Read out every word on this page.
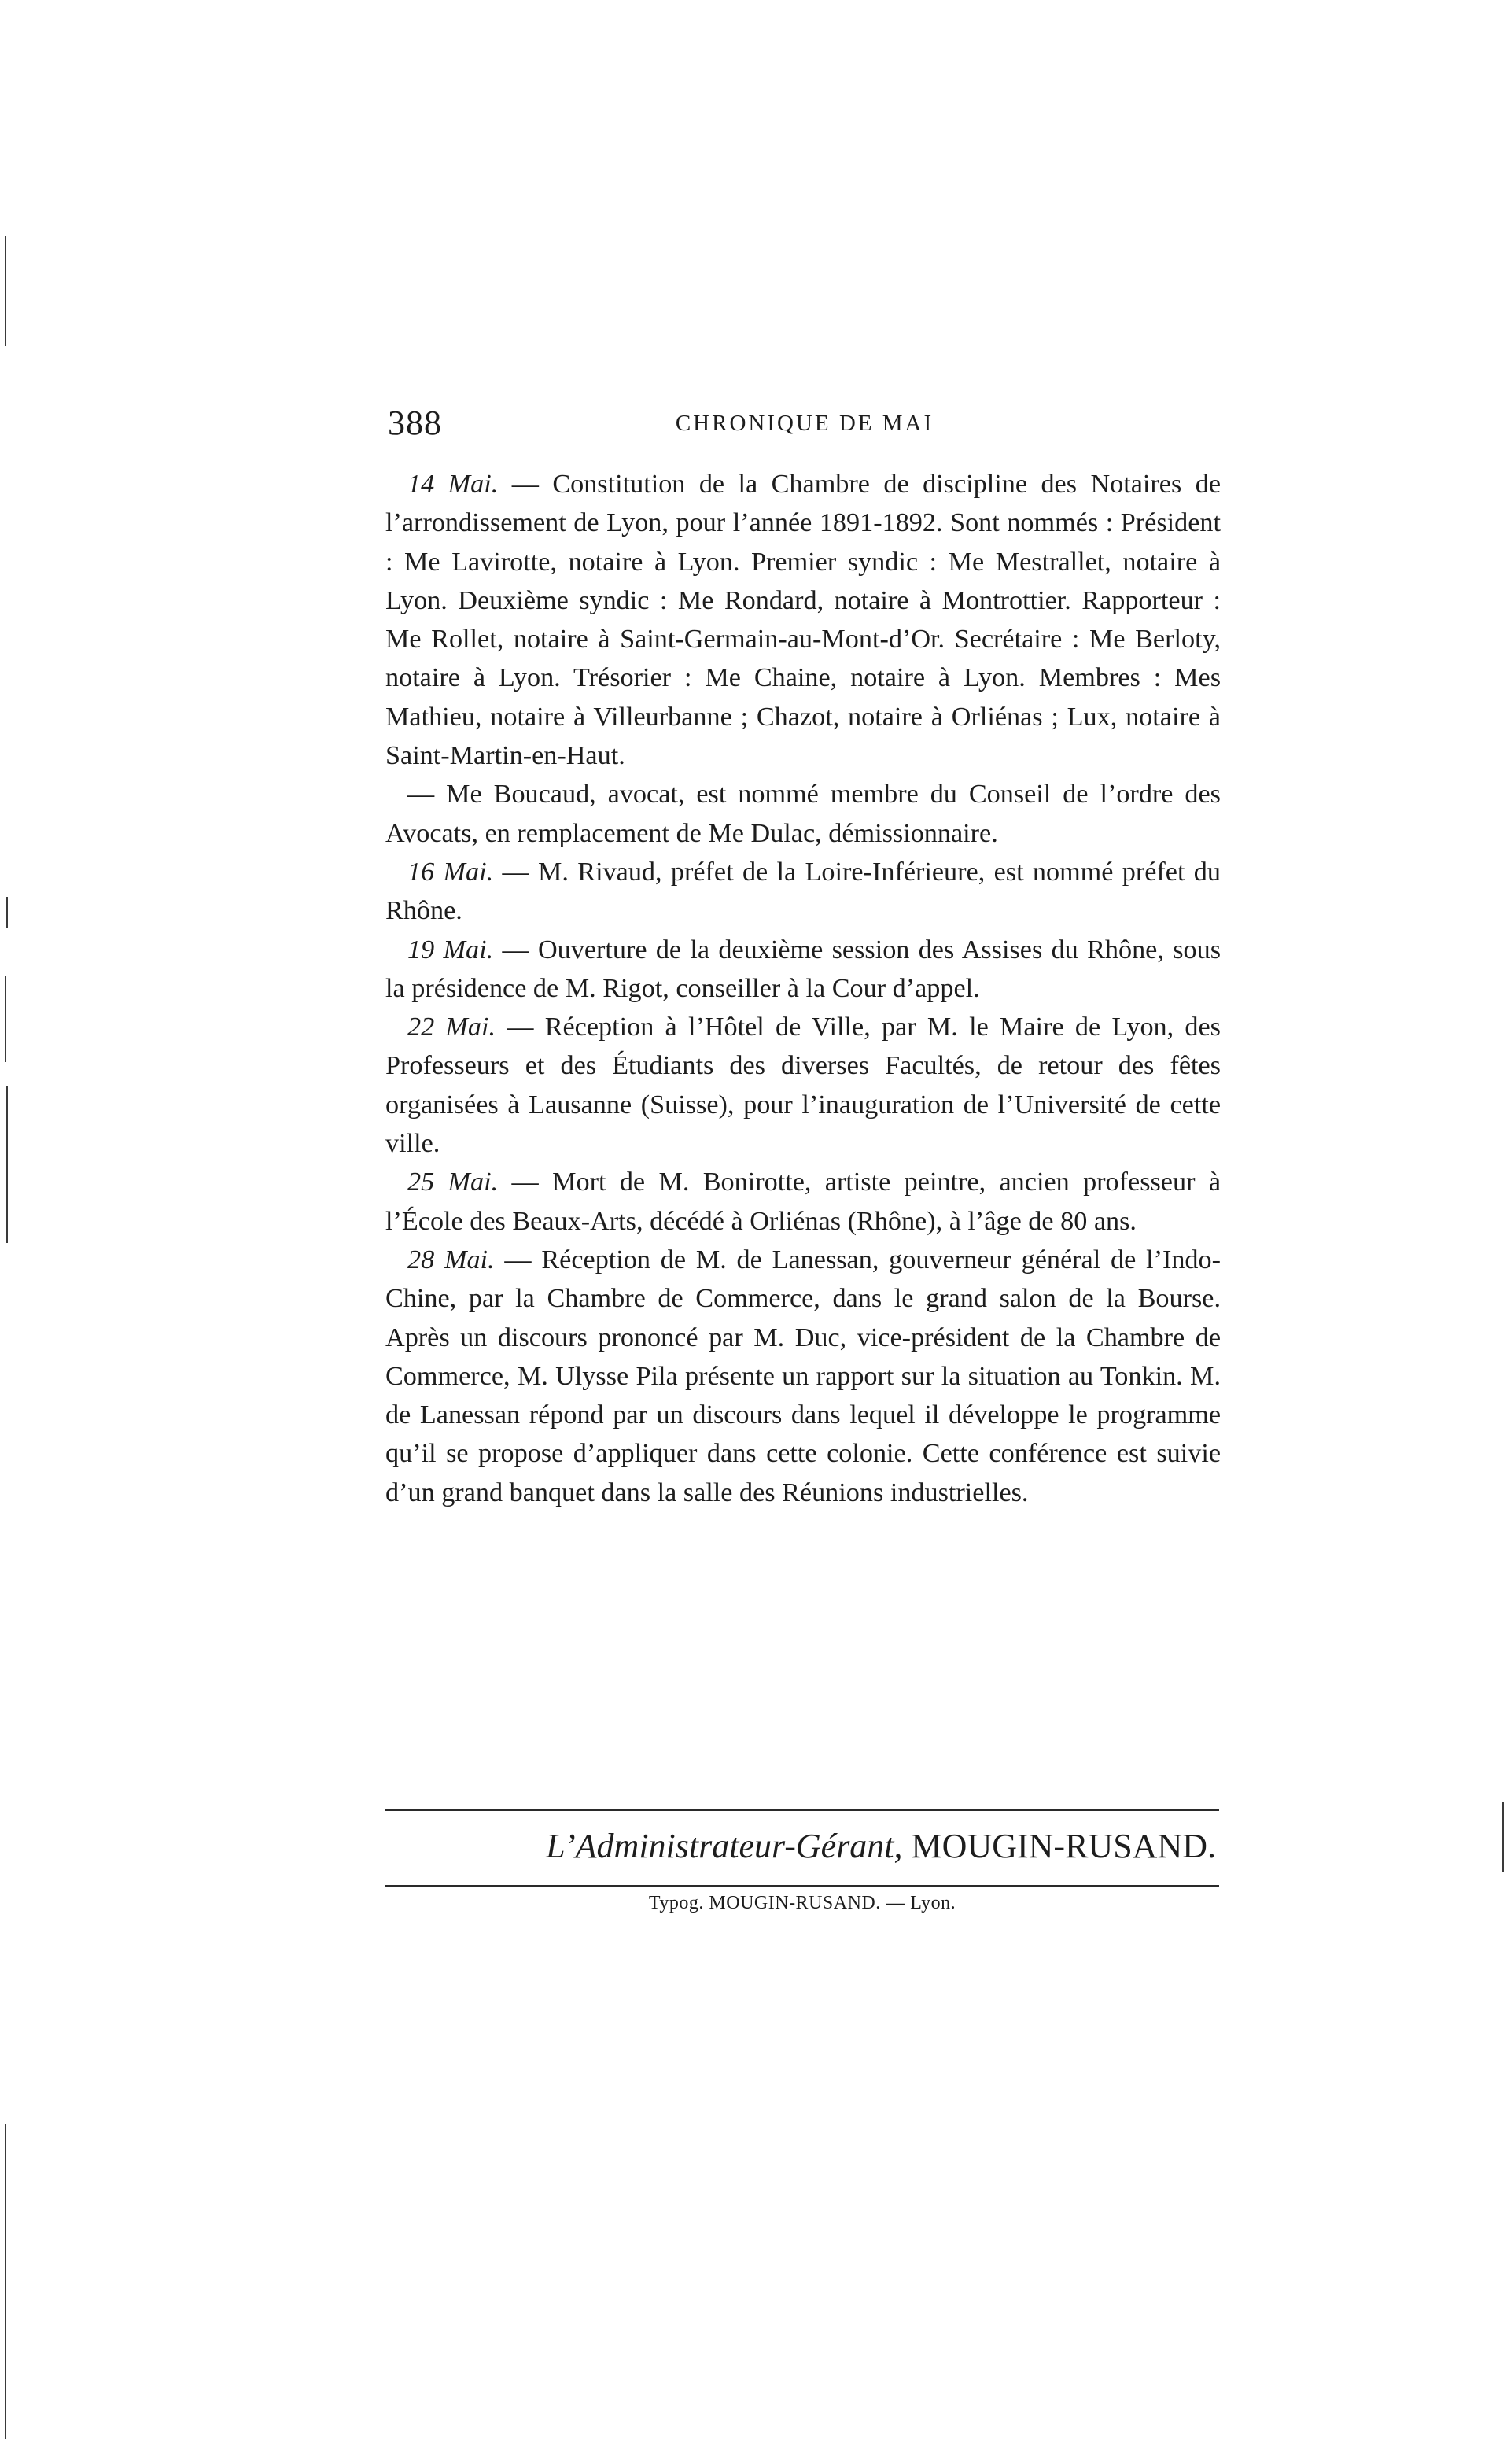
388	CHRONIQUE DE MAI

14 Mai. — Constitution de la Chambre de discipline des Notaires de l’arrondissement de Lyon, pour l’année 1891-1892. Sont nommés : Président : Me Lavirotte, notaire à Lyon. Premier syndic : Me Mestrallet, notaire à Lyon. Deuxième syndic : Me Rondard, notaire à Montrottier. Rapporteur : Me Rollet, notaire à Saint-Germain-au-Mont-d’Or. Secrétaire : Me Berloty, notaire à Lyon. Trésorier : Me Chaine, notaire à Lyon. Membres : Mes Mathieu, notaire à Villeurbanne ; Chazot, notaire à Orliénas ; Lux, notaire à Saint-Martin-en-Haut.

— Me Boucaud, avocat, est nommé membre du Conseil de l’ordre des Avocats, en remplacement de Me Dulac, démissionnaire.

16 Mai. — M. Rivaud, préfet de la Loire-Inférieure, est nommé préfet du Rhône.

19 Mai. — Ouverture de la deuxième session des Assises du Rhône, sous la présidence de M. Rigot, conseiller à la Cour d’appel.

22 Mai. — Réception à l’Hôtel de Ville, par M. le Maire de Lyon, des Professeurs et des Étudiants des diverses Facultés, de retour des fêtes organisées à Lausanne (Suisse), pour l’inauguration de l’Université de cette ville.

25 Mai. — Mort de M. Bonirotte, artiste peintre, ancien professeur à l’École des Beaux-Arts, décédé à Orliénas (Rhône), à l’âge de 80 ans.

28 Mai. — Réception de M. de Lanessan, gouverneur général de l’Indo-Chine, par la Chambre de Commerce, dans le grand salon de la Bourse. Après un discours prononcé par M. Duc, vice-président de la Chambre de Commerce, M. Ulysse Pila présente un rapport sur la situation au Tonkin. M. de Lanessan répond par un discours dans lequel il développe le programme qu’il se propose d’appliquer dans cette colonie. Cette conférence est suivie d’un grand banquet dans la salle des Réunions industrielles.

L’Administrateur-Gérant, MOUGIN-RUSAND.
Typog. MOUGIN-RUSAND. — Lyon.
